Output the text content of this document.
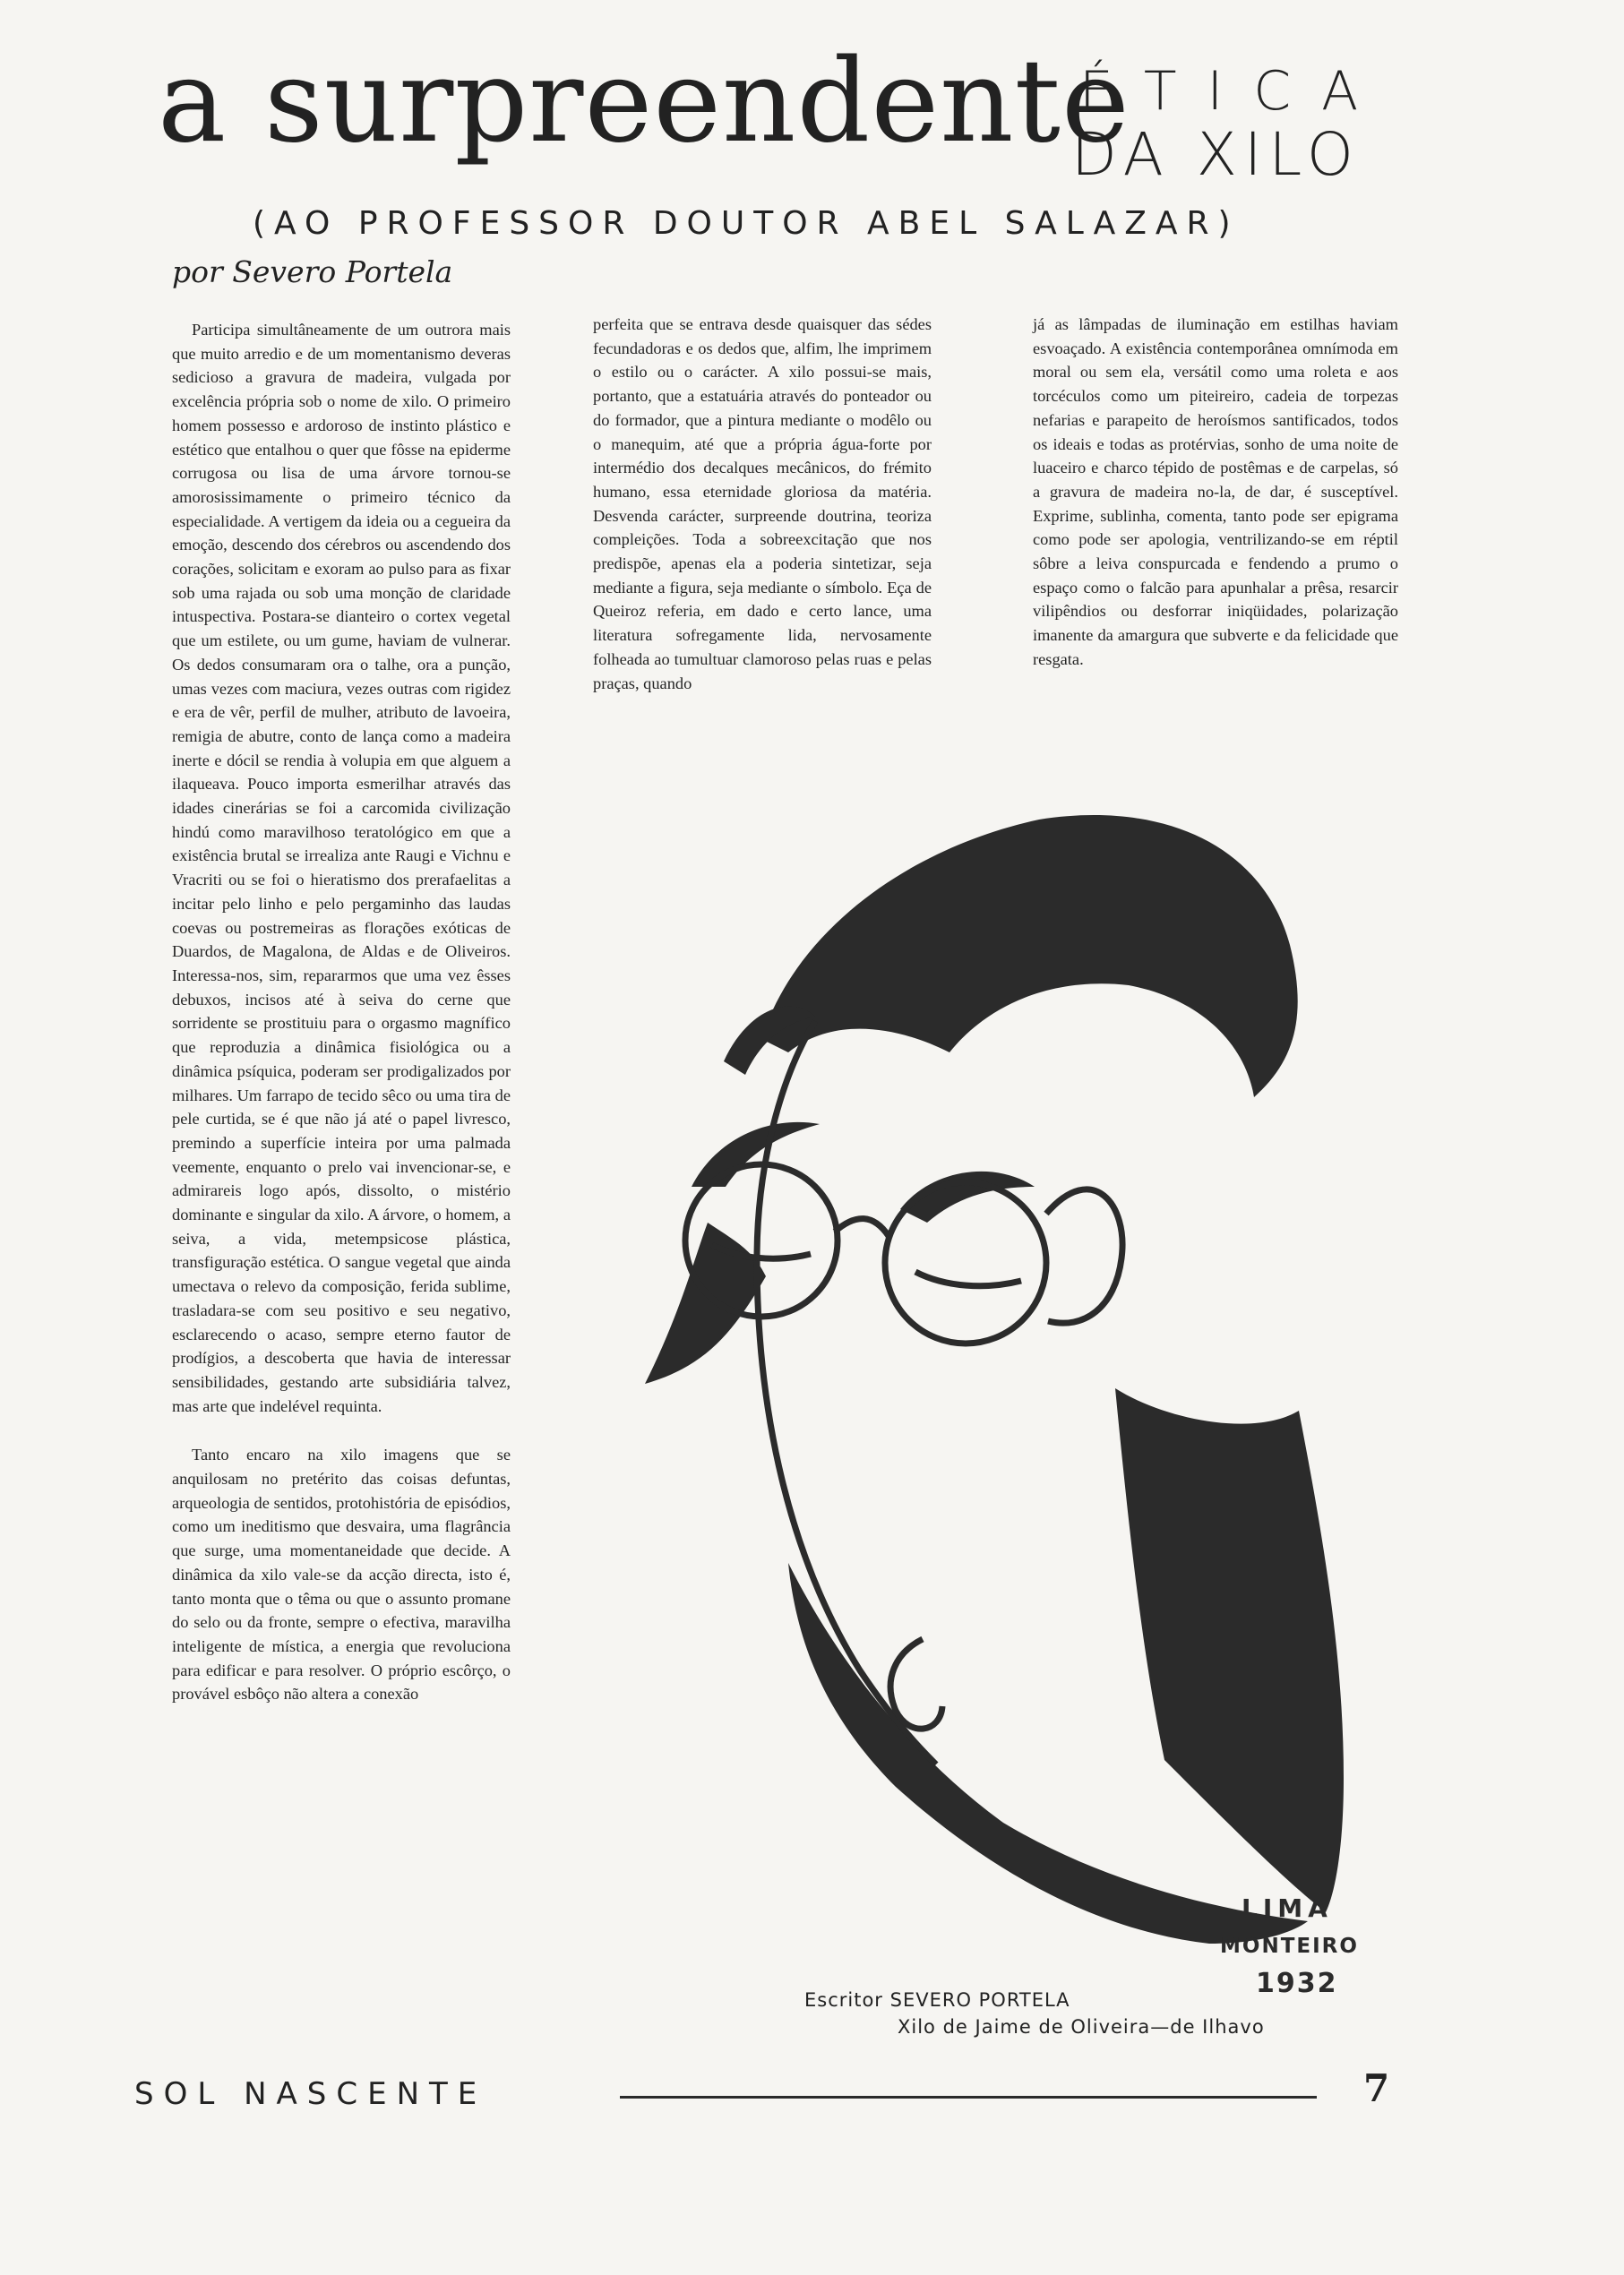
a surpreendente
ÉTICA
DA XILO
(AO PROFESSOR DOUTOR ABEL SALAZAR)
por Severo Portela

Participa simultâneamente de um outrora mais que muito arredio e de um momentanismo deveras sedicioso a gravura de madeira, vulgada por excelência própria sob o nome de xilo. O primeiro homem possesso e ardoroso de instinto plástico e estético que entalhou o quer que fôsse na epiderme corrugosa ou lisa de uma árvore tornou-se amorosissimamente o primeiro técnico da especialidade. A vertigem da ideia ou a cegueira da emoção, descendo dos cérebros ou ascendendo dos corações, solicitam e exoram ao pulso para as fixar sob uma rajada ou sob uma monção de claridade intuspectiva. Postara-se dianteiro o cortex vegetal que um estilete, ou um gume, haviam de vulnerar. Os dedos consumaram ora o talhe, ora a punção, umas vezes com maciura, vezes outras com rigidez e era de vêr, perfil de mulher, atributo de lavoeira, remigia de abutre, conto de lança como a madeira inerte e dócil se rendia à volupia em que alguem a ilaqueava. Pouco importa esmerilhar através das idades cinerárias se foi a carcomida civilização hindú como maravilhoso teratológico em que a existência brutal se irrealiza ante Raugi e Vichnu e Vracriti ou se foi o hieratismo dos prerafaelitas a incitar pelo linho e pelo pergaminho das laudas coevas ou postremeiras as florações exóticas de Duardos, de Magalona, de Aldas e de Oliveiros. Interessa-nos, sim, repararmos que uma vez êsses debuxos, incisos até à seiva do cerne que sorridente se prostituiu para o orgasmo magnífico que reproduzia a dinâmica fisiológica ou a dinâmica psíquica, poderam ser prodigalizados por milhares. Um farrapo de tecido sêco ou uma tira de pele curtida, se é que não já até o papel livresco, premindo a superfície inteira por uma palmada veemente, enquanto o prelo vai invencionar-se, e admirareis logo após, dissolto, o mistério dominante e singular da xilo. A árvore, o homem, a seiva, a vida, metempsicose plástica, transfiguração estética. O sangue vegetal que ainda umectava o relevo da composição, ferida sublime, trasladara-se com seu positivo e seu negativo, esclarecendo o acaso, sempre eterno fautor de prodígios, a descoberta que havia de interessar sensibilidades, gestando arte subsidiária talvez, mas arte que indelével requinta.

Tanto encaro na xilo imagens que se anquilosam no pretérito das coisas defuntas, arqueologia de sentidos, protohistória de episódios, como um ineditismo que desvaira, uma flagrância que surge, uma momentaneidade que decide. A dinâmica da xilo vale-se da acção directa, isto é, tanto monta que o têma ou que o assunto promane do selo ou da fronte, sempre o efectiva, maravilha inteligente de mística, a energia que revoluciona para edificar e para resolver. O próprio escôrço, o provável esbôço não altera a conexão

perfeita que se entrava desde quaisquer das sédes fecundadoras e os dedos que, alfim, lhe imprimem o estilo ou o carácter. A xilo possui-se mais, portanto, que a estatuária através do ponteador ou do formador, que a pintura mediante o modêlo ou o manequim, até que a própria água-forte por intermédio dos decalques mecânicos, do frémito humano, essa eternidade gloriosa da matéria. Desvenda carácter, surpreende doutrina, teoriza compleições. Toda a sobreexcitação que nos predispõe, apenas ela a poderia sintetizar, seja mediante a figura, seja mediante o símbolo. Eça de Queiroz referia, em dado e certo lance, uma literatura sofregamente lida, nervosamente folheada ao tumultuar clamoroso pelas ruas e pelas praças, quando

já as lâmpadas de iluminação em estilhas haviam esvoaçado. A existência contemporânea omnímoda em moral ou sem ela, versátil como uma roleta e aos torcéculos como um piteireiro, cadeia de torpezas nefarias e parapeito de heroísmos santificados, todos os ideais e todas as protérvias, sonho de uma noite de luaceiro e charco tépido de postêmas e de carpelas, só a gravura de madeira no-la, de dar, é susceptível. Exprime, sublinha, comenta, tanto pode ser epigrama como pode ser apologia, ventrilizando-se em réptil sôbre a leiva conspurcada e fendendo a prumo o espaço como o falcão para apunhalar a prêsa, resarcir vilipêndios ou desforrar iniqüidades, polarização imanente da amargura que subverte e da felicidade que resgata.

LIMA
MONTEIRO
1932
Escritor SEVERO PORTELA
Xilo de Jaime de Oliveira—de Ilhavo
SOL NASCENTE	7
